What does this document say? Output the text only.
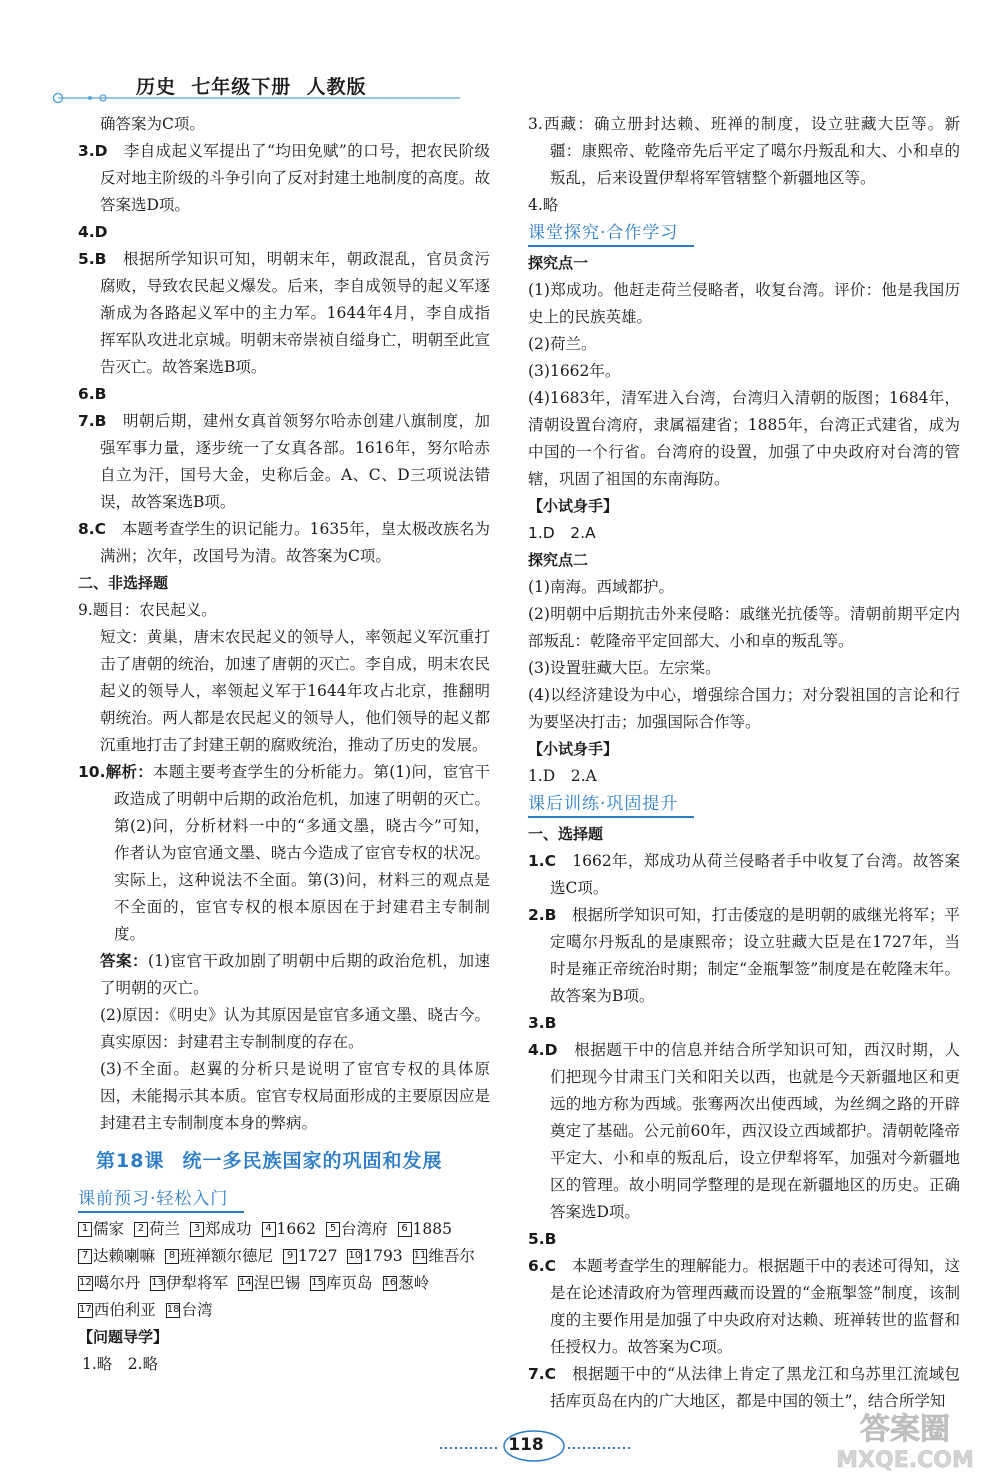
历史  七年级下册  人教版

确答案为C项。

3.D　李自成起义军提出了“均田免赋”的口号，把农民阶级反对地主阶级的斗争引向了反对封建土地制度的高度。故答案选D项。

4.D

5.B　根据所学知识可知，明朝末年，朝政混乱，官员贪污腐败，导致农民起义爆发。后来，李自成领导的起义军逐渐成为各路起义军中的主力军。1644年4月，李自成指挥军队攻进北京城。明朝末帝崇祯自缢身亡，明朝至此宣告灭亡。故答案选B项。

6.B

7.B　明朝后期，建州女真首领努尔哈赤创建八旗制度，加强军事力量，逐步统一了女真各部。1616年，努尔哈赤自立为汗，国号大金，史称后金。A、C、D三项说法错误，故答案选B项。

8.C　本题考查学生的识记能力。1635年，皇太极改族名为满洲；次年，改国号为清。故答案为C项。

二、非选择题

9.题目：农民起义。

短文：黄巢，唐末农民起义的领导人，率领起义军沉重打击了唐朝的统治，加速了唐朝的灭亡。李自成，明末农民起义的领导人，率领起义军于1644年攻占北京，推翻明朝统治。两人都是农民起义的领导人，他们领导的起义都沉重地打击了封建王朝的腐败统治，推动了历史的发展。

10.解析：本题主要考查学生的分析能力。第(1)问，宦官干政造成了明朝中后期的政治危机，加速了明朝的灭亡。第(2)问，分析材料一中的“多通文墨，晓古今”可知，作者认为宦官通文墨、晓古今造成了宦官专权的状况。实际上，这种说法不全面。第(3)问，材料三的观点是不全面的，宦官专权的根本原因在于封建君主专制制度。

答案：(1)宦官干政加剧了明朝中后期的政治危机，加速了明朝的灭亡。

(2)原因：《明史》认为其原因是宦官多通文墨、晓古今。真实原因：封建君主专制制度的存在。

(3)不全面。赵翼的分析只是说明了宦官专权的具体原因，未能揭示其本质。宦官专权局面形成的主要原因应是封建君主专制制度本身的弊病。

第18课 统一多民族国家的巩固和发展
课前预习·轻松入门
1 儒家	2 荷兰	3 郑成功	4 1662	5 台湾府	6 1885
7 达赖喇嘛	8 班禅额尔德尼	9 1727 10 1793 11 维吾尔
12 噶尔丹 13 伊犁将军 14 涅巴锡 15 库页岛 16 葱岭
17 西伯利亚 18 台湾

【问题导学】

1.略　2.略

3.西藏：确立册封达赖、班禅的制度，设立驻藏大臣等。新疆：康熙帝、乾隆帝先后平定了噶尔丹叛乱和大、小和卓的叛乱，后来设置伊犁将军管辖整个新疆地区等。

4.略

课堂探究·合作学习

探究点一

(1)郑成功。他赶走荷兰侵略者，收复台湾。评价：他是我国历史上的民族英雄。

(2)荷兰。

(3)1662年。

(4)1683年，清军进入台湾，台湾归入清朝的版图；1684年，清朝设置台湾府，隶属福建省；1885年，台湾正式建省，成为中国的一个行省。台湾府的设置，加强了中央政府对台湾的管辖，巩固了祖国的东南海防。

【小试身手】

1.D　2.A

探究点二

(1)南海。西域都护。

(2)明朝中后期抗击外来侵略：戚继光抗倭等。清朝前期平定内部叛乱：乾隆帝平定回部大、小和卓的叛乱等。

(3)设置驻藏大臣。左宗棠。

(4)以经济建设为中心，增强综合国力；对分裂祖国的言论和行为要坚决打击；加强国际合作等。

【小试身手】

1.D　2.A

课后训练·巩固提升

一、选择题

1.C　1662年，郑成功从荷兰侵略者手中收复了台湾。故答案选C项。

2.B　根据所学知识可知，打击倭寇的是明朝的戚继光将军；平定噶尔丹叛乱的是康熙帝；设立驻藏大臣是在1727年，当时是雍正帝统治时期；制定“金瓶掣签”制度是在乾隆末年。故答案为B项。

3.B

4.D　根据题干中的信息并结合所学知识可知，西汉时期，人们把现今甘肃玉门关和阳关以西，也就是今天新疆地区和更远的地方称为西域。张骞两次出使西域，为丝绸之路的开辟奠定了基础。公元前60年，西汉设立西域都护。清朝乾隆帝平定大、小和卓的叛乱后，设立伊犁将军，加强对今新疆地区的管理。故小明同学整理的是现在新疆地区的历史。正确答案选D项。

5.B

6.C　本题考查学生的理解能力。根据题干中的表述可得知，这是在论述清政府为管理西藏而设置的“金瓶掣签”制度，该制度的主要作用是加强了中央政府对达赖、班禅转世的监督和任授权力。故答案为C项。

7.C　根据题干中的“从法律上肯定了黑龙江和乌苏里江流域包括库页岛在内的广大地区，都是中国的领土”，结合所学知

118	答案圈
MXQE.COM
